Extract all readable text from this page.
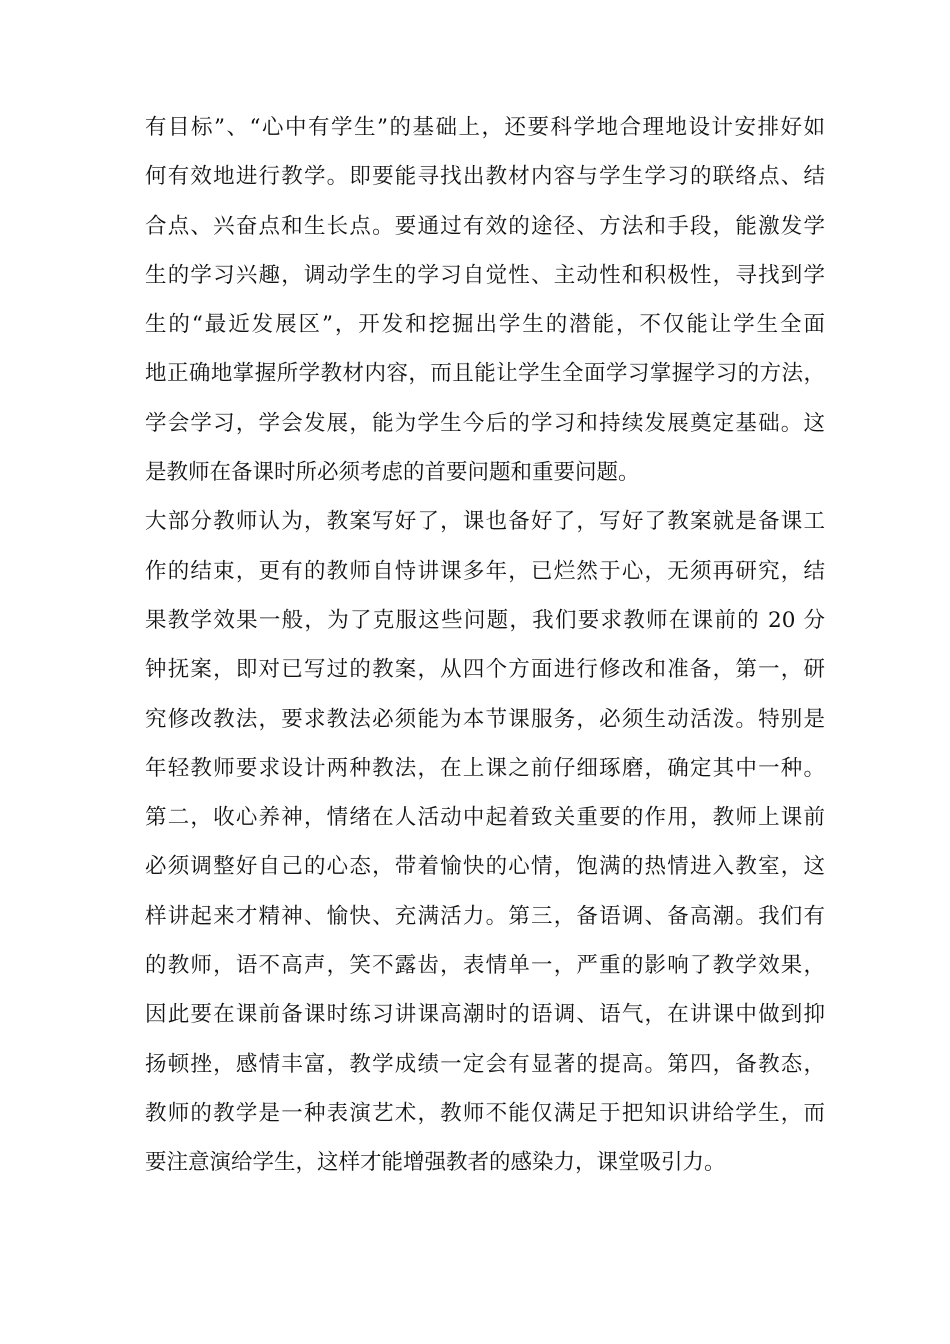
有目标”、“心中有学生”的基础上，还要科学地合理地设计安排好如
何有效地进行教学。即要能寻找出教材内容与学生学习的联络点、结
合点、兴奋点和生长点。要通过有效的途径、方法和手段，能激发学
生的学习兴趣，调动学生的学习自觉性、主动性和积极性，寻找到学
生的“最近发展区”，开发和挖掘出学生的潜能，不仅能让学生全面
地正确地掌握所学教材内容，而且能让学生全面学习掌握学习的方法，
学会学习，学会发展，能为学生今后的学习和持续发展奠定基础。这
是教师在备课时所必须考虑的首要问题和重要问题。
大部分教师认为，教案写好了，课也备好了，写好了教案就是备课工
作的结束，更有的教师自恃讲课多年，已烂然于心，无须再研究，结
果教学效果一般，为了克服这些问题，我们要求教师在课前的 20 分
钟抚案，即对已写过的教案，从四个方面进行修改和准备，第一，研
究修改教法，要求教法必须能为本节课服务，必须生动活泼。特别是
年轻教师要求设计两种教法，在上课之前仔细琢磨，确定其中一种。
第二，收心养神，情绪在人活动中起着致关重要的作用，教师上课前
必须调整好自己的心态，带着愉快的心情，饱满的热情进入教室，这
样讲起来才精神、愉快、充满活力。第三，备语调、备高潮。我们有
的教师，语不高声，笑不露齿，表情单一，严重的影响了教学效果，
因此要在课前备课时练习讲课高潮时的语调、语气，在讲课中做到抑
扬顿挫，感情丰富，教学成绩一定会有显著的提高。第四，备教态，
教师的教学是一种表演艺术，教师不能仅满足于把知识讲给学生，而
要注意演给学生，这样才能增强教者的感染力，课堂吸引力。
